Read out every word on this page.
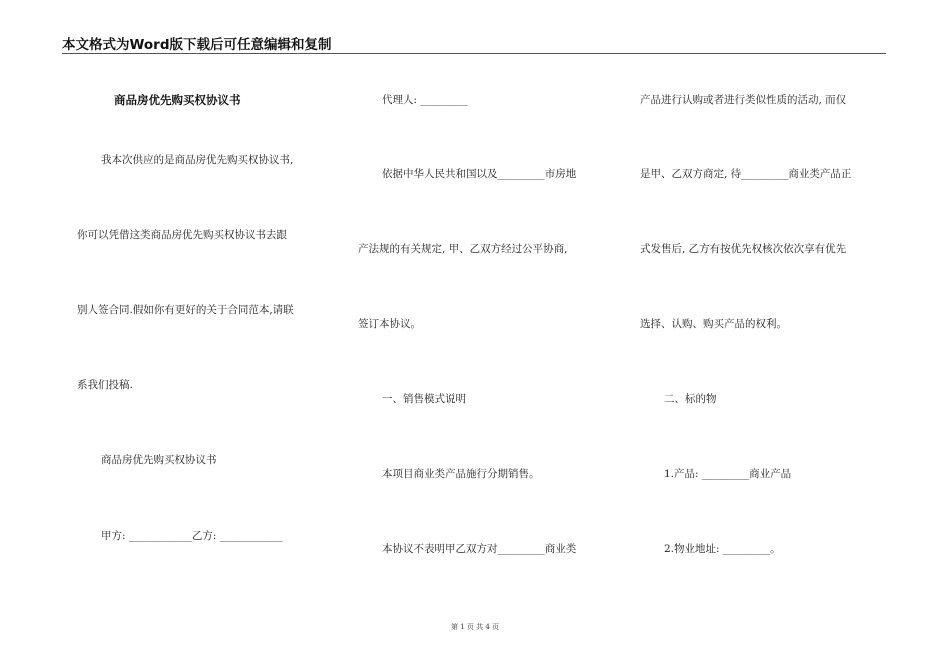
本文格式为Word版下载后可任意编辑和复制
商品房优先购买权协议书
我本次供应的是商品房优先购买权协议书,
你可以凭借这类商品房优先购买权协议书去跟
别人签合同.假如你有更好的关于合同范本,请联
系我们投稿.
商品房优先购买权协议书
甲方: ____________乙方: ____________
代理人: _________
依据中华人民共和国以及_________市房地
产法规的有关规定, 甲、乙双方经过公平协商,
签订本协议。
一、销售模式说明
本项目商业类产品施行分期销售。
本协议不表明甲乙双方对_________商业类
产品进行认购或者进行类似性质的活动, 而仅
是甲、乙双方商定, 待_________商业类产品正
式发售后, 乙方有按优先权核次依次享有优先
选择、认购、购买产品的权利。
二、标的物
1.产品: _________商业产品
2.物业地址: _________。
第 1 页 共 4 页
